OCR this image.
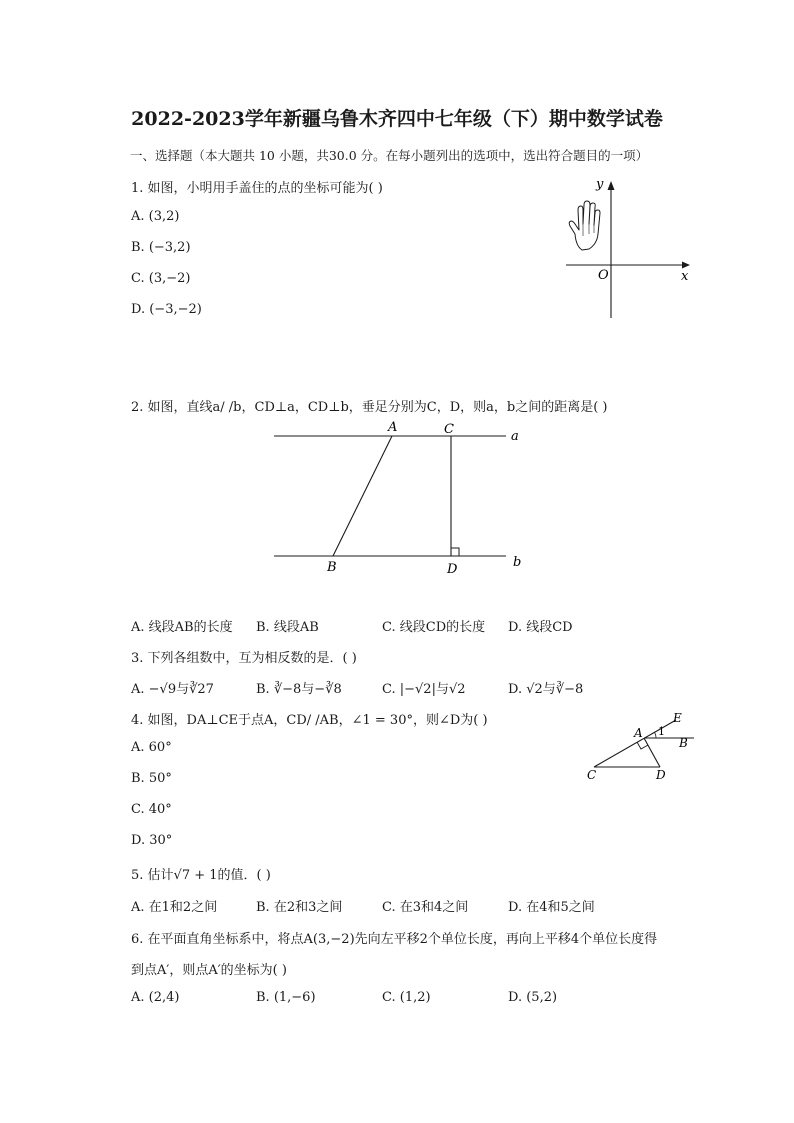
2022-2023学年新疆乌鲁木齐四中七年级（下）期中数学试卷
一、选择题（本大题共 10 小题，共30.0 分。在每小题列出的选项中，选出符合题目的一项）
1. 如图，小明用手盖住的点的坐标可能为( )
A. (3,2)
B. (−3,2)
C. (3,−2)
D. (−3,−2)
y
O	x
2. 如图，直线a/ /b，CD⊥a，CD⊥b，垂足分别为C，D，则a，b之间的距离是( )
A	C	a
B	D	b
A. 线段AB的长度 B. 线段AB	C. 线段CD的长度 D. 线段CD
3. 下列各组数中，互为相反数的是．( )
A. −√9与∛27	B. ∛−8与−∛8	C. |−√2|与√2	D. √2与∛−8
4. 如图，DA⊥CE于点A，CD/ /AB，∠1 = 30°，则∠D为( )
A. 60°
B. 50°
C. 40°
D. 30°
E
A 1
B
C	D
5. 估计√7 + 1的值．( )
A. 在1和2之间	B. 在2和3之间	C. 在3和4之间	D. 在4和5之间
6. 在平面直角坐标系中，将点A(3,−2)先向左平移2个单位长度，再向上平移4个单位长度得
到点A′，则点A′的坐标为( )
A. (2,4)	B. (1,−6)	C. (1,2)	D. (5,2)
